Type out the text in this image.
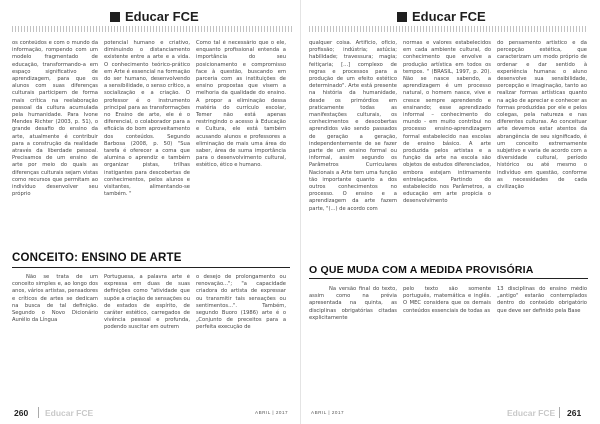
Educar FCE

os conteúdos e com o mundo da informação, rompendo com um modelo fragmentado de educação, transformando-a em espaço significativo de aprendizagem, para que os alunos com suas diferenças culturais participem de forma mais crítica na reelaboração pessoal da cultura acumulada pela humanidade. Para Ivone Mendes Richter (2003, p. 51), o grande desafio do ensino da arte, atualmente é contribuir para a construção da realidade através da liberdade pessoal. Precisamos de um ensino de arte por meio do quais as diferenças culturais sejam vistas como recursos que permitam ao indivíduo desenvolver seu próprio

potencial humano e criativo, diminuindo o distanciamento existente entre a arte e a vida. O conhecimento teórico-prático em Arte é essencial na formação do ser humano, desenvolvendo a sensibilidade, o senso crítico, a socialização e a criação. O professor é o instrumento principal para as transformações no Ensino de arte, ele é o diferencial, o colaborador para a eficácia do bom aproveitamento dos conteúdos. Segundo Barbosa (2008, p. 50) "Sua tarefa é oferecer a coma que alumina o aprendiz e também organizar pistas, trilhas instigantes para descobertas de conhecimentos, pelos alunos e visitantes, alimentando-se também. "

Como tal é necessário que o ele, enquanto profissional entenda a importância do seu posicionamento e compromisso face à questão, buscando em parceria com as instituições de ensino propostas que visem a melhoria da qualidade do ensino. A propor a eliminação dessa matéria do currículo escolar, Temer não está apenas restringindo o acesso à Educação e Cultura, ele está também acusando alunos e professores a eliminação de mais uma área do saber, área de suma importância para o desenvolvimento cultural, estético, ético e humano.

CONCEITO: ENSINO DE ARTE

Não se trata de um conceito simples e, ao longo dos anos, vários artistas, pensadores e críticos de artes se dedicam na busca de tal definição. Segundo o Novo Dicionário Aurélio da Língua

Portuguesa, a palavra arte é expressa em duas de suas definições como "atividade que supõe a criação de sensações ou de estados de espírito, de caráter estético, carregados de vivência pessoal e profunda, podendo suscitar em outrem

o desejo de prolongamento ou renovação..."; "a capacidade criadora do artista de expressar ou transmitir tais sensações ou sentimentos...". Também, segundo Buoro (1986) arte é o „Conjunto de preceitos para a perfeita execução de

260 Educar FCE	ABRIL | 2017
Educar FCE

qualquer coisa. Artifício, ofício, profissão; indústria; astúcia; habilidade; travessura; magia; feitiçaria; [...] complexo de regras e processos para a produção de um efeito estético determinado". Arte está presente na história da humanidade, desde os primórdios em praticamente todas as manifestações culturais, os conhecimentos e descobertas aprendidos vão sendo passados de geração a geração, independentemente de se fazer parte de um ensino formal ou informal, assim segundo os Parâmetros Curriculares Nacionais a Arte tem uma função tão importante quanto a dos outros conhecimentos no processo. O ensino e a aprendizagem da arte fazem parte, "(...) de acordo com

normas e valores estabelecidos em cada ambiente cultural, do conhecimento que envolve a produção artística em todos os tempos. " (BRASIL, 1997, p. 20). Não se nasce sabendo, a aprendizagem é um processo natural, o homem nasce, vive e cresce sempre aprendendo e ensinando; esse aprendizado informal – conhecimento do mundo - em muito contribui no processo ensino-aprendizagem formal estabelecido nas escolas de ensino básico. A arte produzida pelos artistas e a função da arte na escola são objetos de estudos diferenciados, embora estejam intimamente entrelaçados. Partindo do estabelecido nos Parâmetros, a educação em arte propicia o desenvolvimento

do pensamento artístico e da percepção estética, que caracterizam um modo próprio de ordenar e dar sentido à experiência humana: o aluno desenvolve sua sensibilidade, percepção e imaginação, tanto ao realizar formas artísticas quanto na ação de apreciar e conhecer as formas produzidas por ele e pelos colegas, pela natureza e nas diferentes culturas. Ao conceituar arte devemos estar atentos da abrangência de seu significado, é um conceito extremamente subjetivo e varia de acordo com a diversidade cultural, período histórico ou até mesmo o indivíduo em questão, conforme as necessidades de cada civilização

O QUE MUDA COM A MEDIDA PROVISÓRIA

Na versão final do texto, assim como na prévia apresentada na quinta, as disciplinas obrigatórias citadas explicitamente

pelo texto são somente português, matemática e inglês. O MEC considera que os demais conteúdos essenciais de todas as

13 disciplinas do ensino médio „antigo" estarão contemplados dentro do conteúdo obrigatório que deve ser definido pela Base

ABRIL | 2017	Educar FCE 261
